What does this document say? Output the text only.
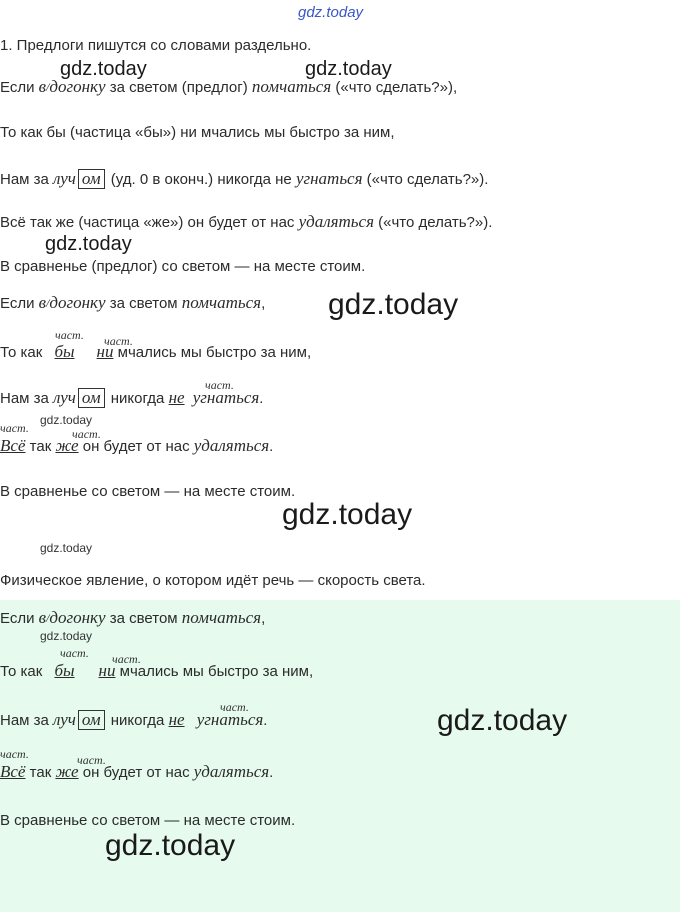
gdz.today
1. Предлоги пишутся со словами раздельно.
Если в/догонку за светом (предлог) помчаться («что сделать?»),
То как бы (частица «бы») ни мчались мы быстро за ним,
Нам за луч ом (уд. 0 в оконч.) никогда не угнаться («что сделать?»).
Всё так же (частица «же») он будет от нас удаляться («что делать?»).
В сравненье (предлог) со светом — на месте стоим.
Если в/догонку за светом помчаться,
част. част.
То как бы ни мчались мы быстро за ним,
част.
Нам за луч ом никогда не угнаться.
част.	част.
Всё так же он будет от нас удаляться.
В сравненье со светом — на месте стоим.
Физическое явление, о котором идёт речь — скорость света.
Если в/догонку за светом помчаться,
част. част.
То как бы ни мчались мы быстро за ним,
част.
Нам за луч ом никогда не угнаться.
част.	част.
Всё так же он будет от нас удаляться.
В сравненье со светом — на месте стоим.
gdz.today	gdz.today
gdz.today
gdz.today
gdz.today
gdz.today
gdz.today
gdz.today
gdz.today
gdz.today
